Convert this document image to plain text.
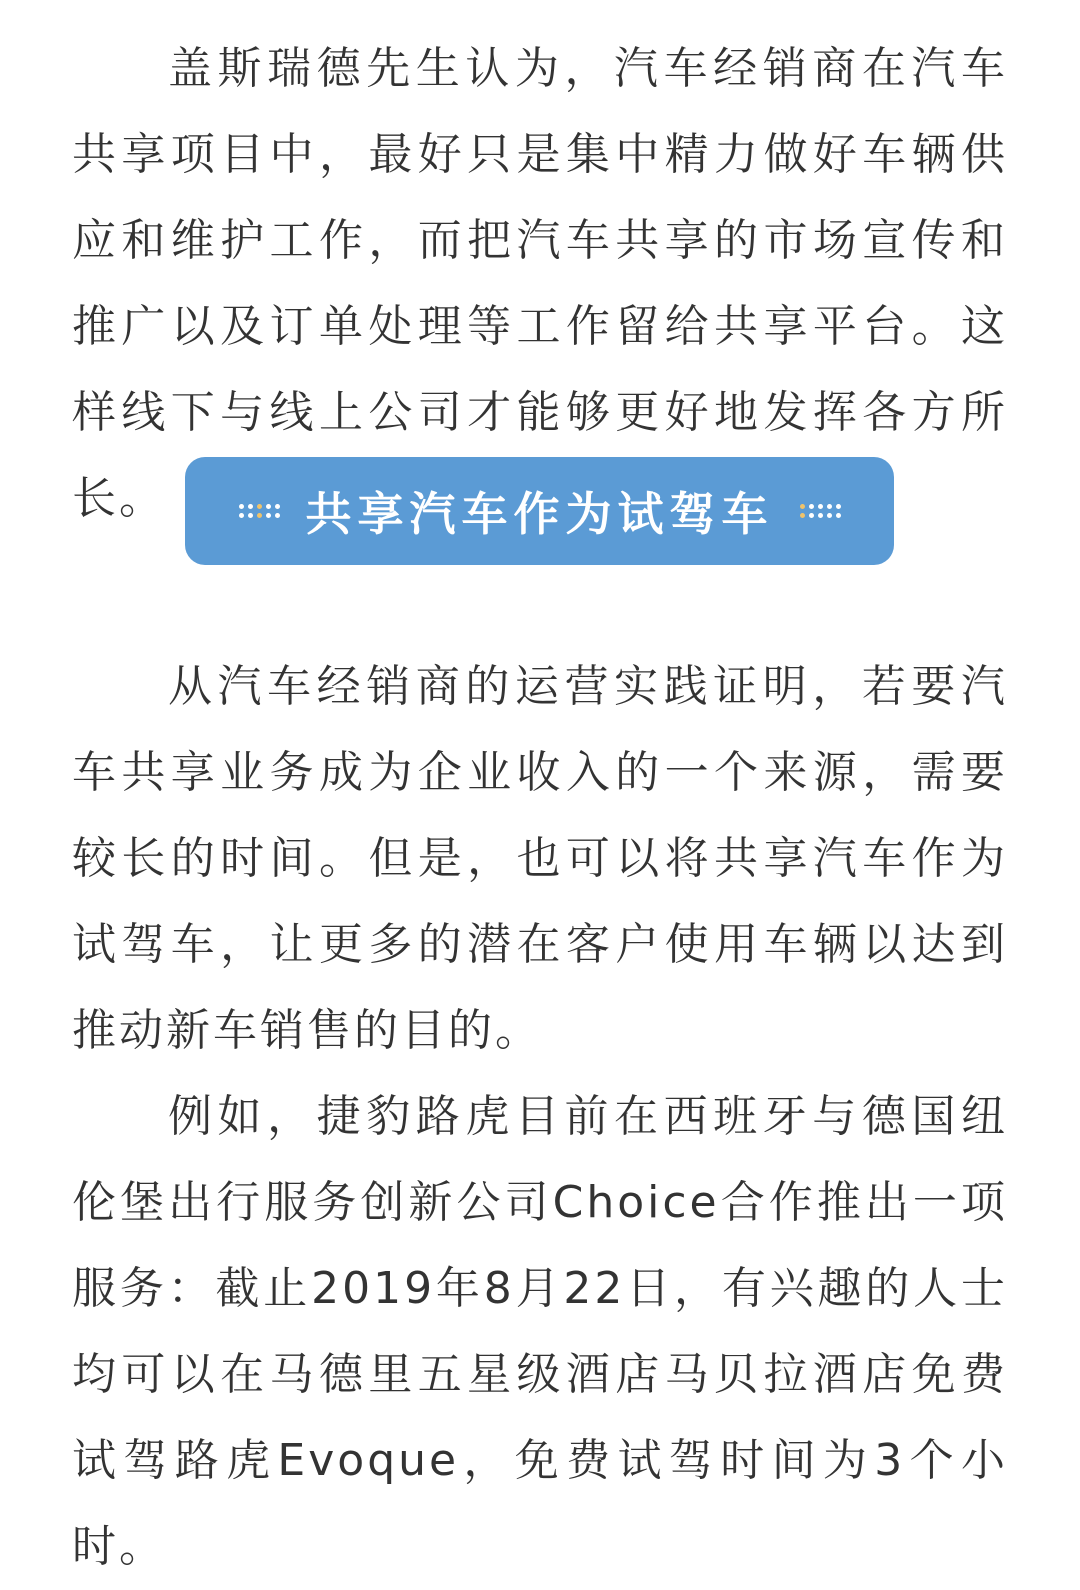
盖斯瑞德先生认为，汽车经销商在汽车共享项目中，最好只是集中精力做好车辆供应和维护工作，而把汽车共享的市场宣传和推广以及订单处理等工作留给共享平台。这样线下与线上公司才能够更好地发挥各方所长。	共享汽车作为试驾车

从汽车经销商的运营实践证明，若要汽车共享业务成为企业收入的一个来源，需要较长的时间。但是，也可以将共享汽车作为试驾车，让更多的潜在客户使用车辆以达到推动新车销售的目的。

例如，捷豹路虎目前在西班牙与德国纽伦堡出行服务创新公司Choice合作推出一项服务：截止2019年8月22日，有兴趣的人士均可以在马德里五星级酒店马贝拉酒店免费试驾路虎Evoque，免费试驾时间为3个小时。
